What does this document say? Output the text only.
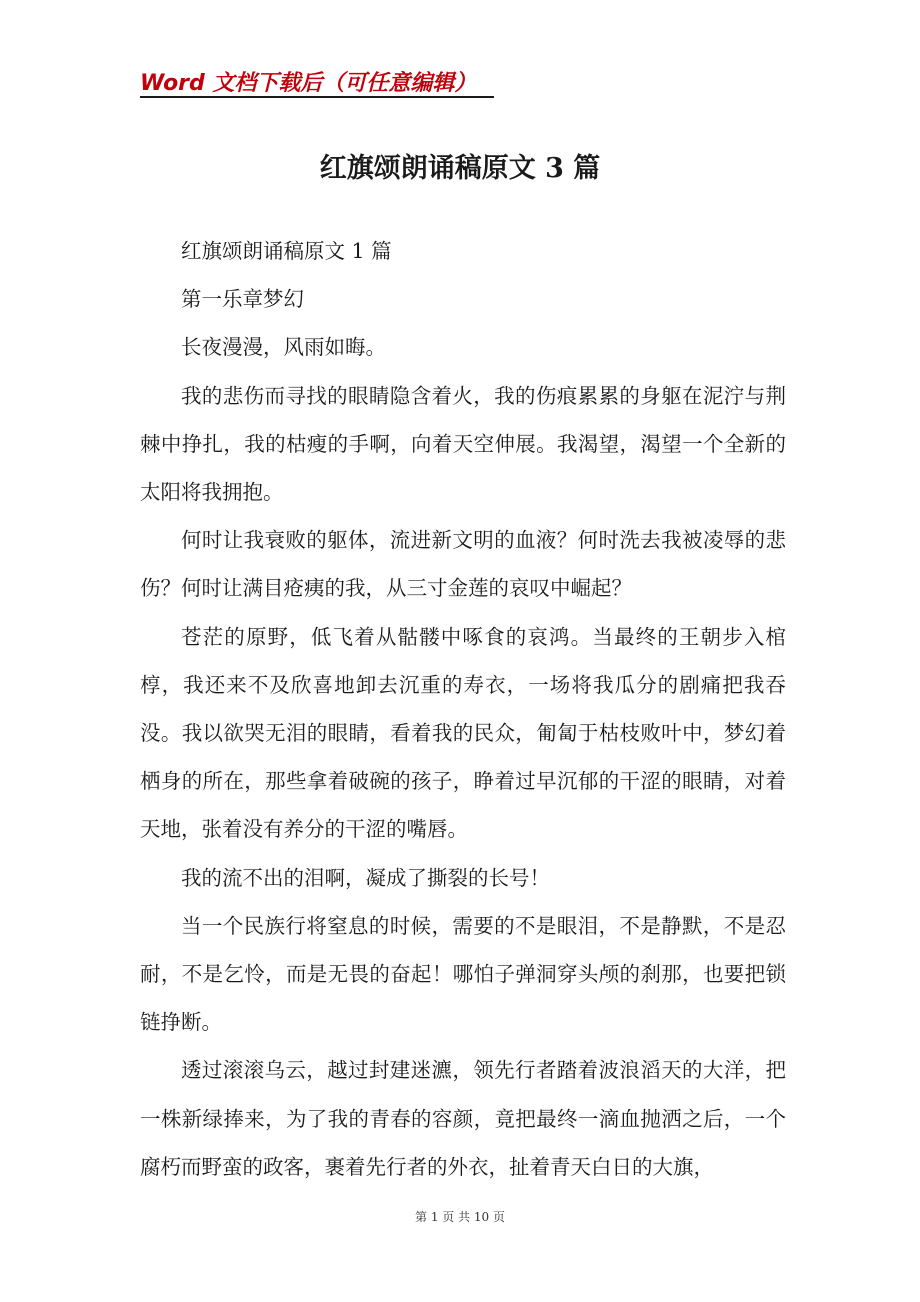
Word 文档下载后（可任意编辑）
红旗颂朗诵稿原文 3 篇

红旗颂朗诵稿原文 1 篇

第一乐章梦幻

长夜漫漫，风雨如晦。

我的悲伤而寻找的眼睛隐含着火，我的伤痕累累的身躯在泥泞与荆棘中挣扎，我的枯瘦的手啊，向着天空伸展。我渴望，渴望一个全新的太阳将我拥抱。

何时让我衰败的躯体，流进新文明的血液？何时洗去我被凌辱的悲伤？何时让满目疮痍的我，从三寸金莲的哀叹中崛起？

苍茫的原野，低飞着从骷髅中啄食的哀鸿。当最终的王朝步入棺椁，我还来不及欣喜地卸去沉重的寿衣，一场将我瓜分的剧痛把我吞没。我以欲哭无泪的眼睛，看着我的民众，匍匐于枯枝败叶中，梦幻着栖身的所在，那些拿着破碗的孩子，睁着过早沉郁的干涩的眼睛，对着天地，张着没有养分的干涩的嘴唇。

我的流不出的泪啊，凝成了撕裂的长号！

当一个民族行将窒息的时候，需要的不是眼泪，不是静默，不是忍耐，不是乞怜，而是无畏的奋起！哪怕子弹洞穿头颅的刹那，也要把锁链挣断。

透过滚滚乌云，越过封建迷瀌，领先行者踏着波浪滔天的大洋，把一株新绿捧来，为了我的青春的容颜，竟把最终一滴血抛洒之后，一个腐朽而野蛮的政客，裹着先行者的外衣，扯着青天白日的大旗，

第 1 页 共 10 页
